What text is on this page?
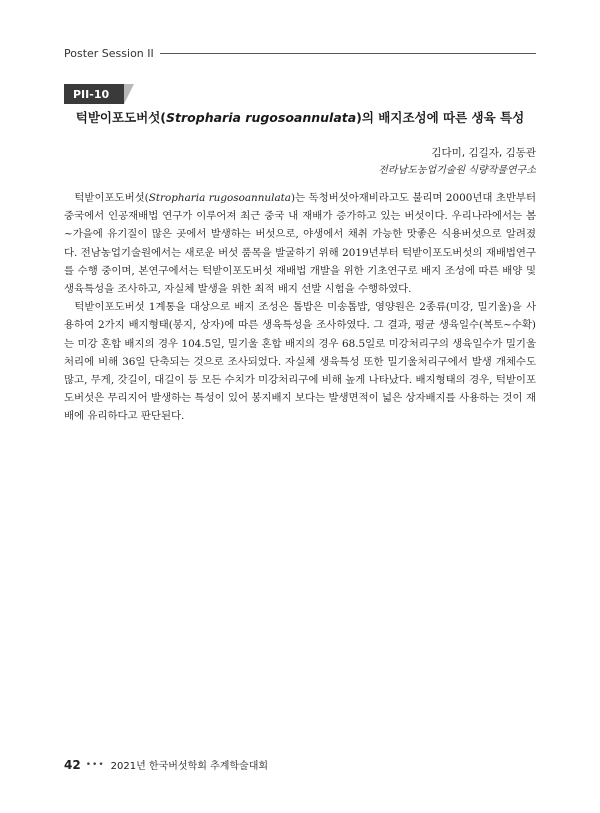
Poster Session II
PII-10
턱받이포도버섯(Stropharia rugosoannulata)의 배지조성에 따른 생육 특성
김다미, 김길자, 김동관
전라남도농업기술원 식량작물연구소

턱받이포도버섯(Stropharia rugosoannulata)는 독청버섯아재비라고도 불리며 2000년대 초반부터 중국에서 인공재배법 연구가 이루어져 최근 중국 내 재배가 증가하고 있는 버섯이다. 우리나라에서는 봄~가을에 유기질이 많은 곳에서 발생하는 버섯으로, 야생에서 채취 가능한 맛좋은 식용버섯으로 알려졌다. 전남농업기술원에서는 새로운 버섯 품목을 발굴하기 위해 2019년부터 턱받이포도버섯의 재배법연구를 수행 중이며, 본연구에서는 턱받이포도버섯 재배법 개발을 위한 기초연구로 배지 조성에 따른 배양 및 생육특성을 조사하고, 자실체 발생을 위한 최적 배지 선발 시험을 수행하였다.

턱받이포도버섯 1계통을 대상으로 배지 조성은 톱밥은 미송톱밥, 영양원은 2종류(미강, 밀기울)을 사용하여 2가지 배지형태(봉지, 상자)에 따른 생육특성을 조사하였다. 그 결과, 평균 생육일수(복토~수확)는 미강 혼합 배지의 경우 104.5일, 밀기울 혼합 배지의 경우 68.5일로 미강처리구의 생육일수가 밀기울처리에 비해 36일 단축되는 것으로 조사되었다. 자실체 생육특성 또한 밀기울처리구에서 발생 개체수도 많고, 무게, 갓길이, 대길이 등 모든 수치가 미강처리구에 비해 높게 나타났다. 배지형태의 경우, 턱받이포도버섯은 무리지어 발생하는 특성이 있어 봉지배지 보다는 발생면적이 넓은 상자배지를 사용하는 것이 재배에 유리하다고 판단된다.

42 ••• 2021년 한국버섯학회 추계학술대회
